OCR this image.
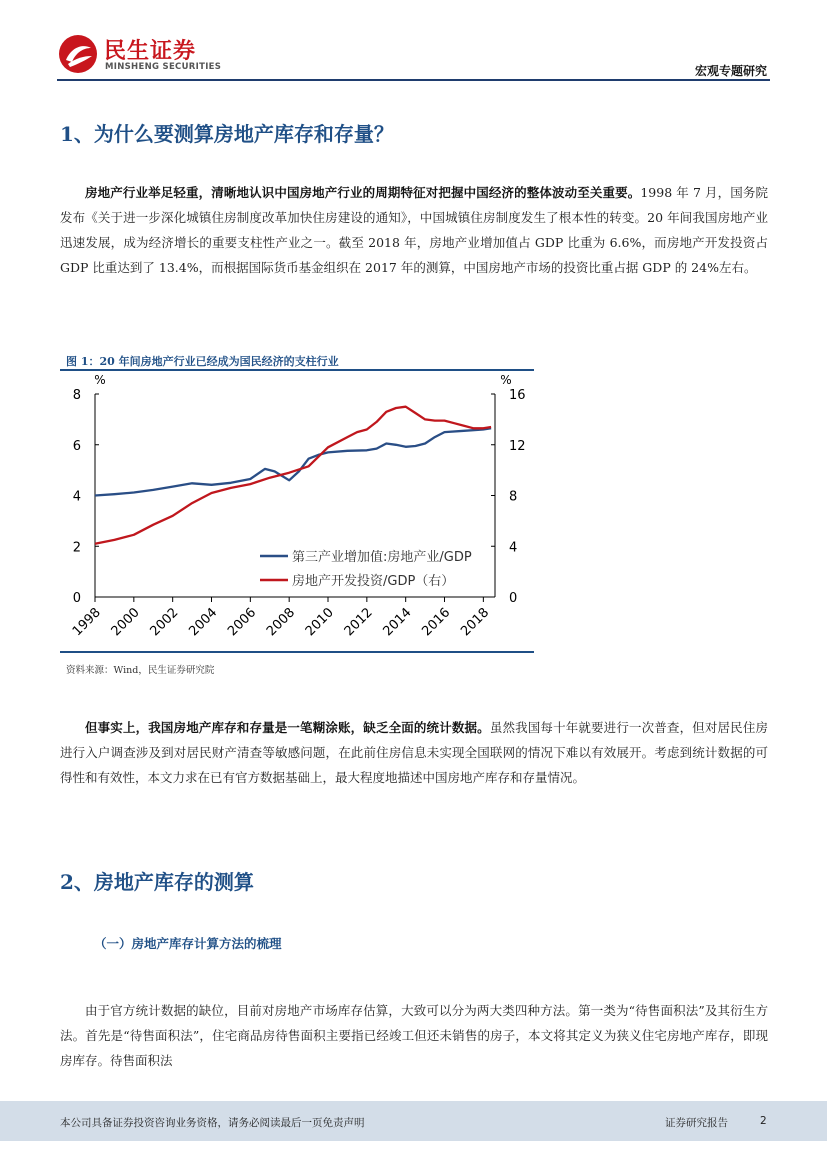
民生证券
MINSHENG SECURITIES	宏观专题研究
1、为什么要测算房地产库存和存量？
房地产行业举足轻重，清晰地认识中国房地产行业的周期特征对把握中国经济的整体波动至关重要。1998 年 7 月，国务院发布《关于进一步深化城镇住房制度改革加快住房建设的通知》，中国城镇住房制度发生了根本性的转变。20 年间我国房地产业迅速发展，成为经济增长的重要支柱性产业之一。截至 2018 年，房地产业增加值占 GDP 比重为 6.6%，而房地产开发投资占 GDP 比重达到了 13.4%，而根据国际货币基金组织在 2017 年的测算，中国房地产市场的投资比重占据 GDP 的 24%左右。
图 1：20 年间房地产行业已经成为国民经济的支柱行业
0
2
4
6
8
0
4
8
12
16
%	%
1998 2000 2002 2004 2006 2008 2010 2012 2014 2016 2018
第三产业增加值:房地产业/GDP
房地产开发投资/GDP（右）
资料来源：Wind，民生证券研究院
但事实上，我国房地产库存和存量是一笔糊涂账，缺乏全面的统计数据。虽然我国每十年就要进行一次普查，但对居民住房进行入户调查涉及到对居民财产清查等敏感问题，在此前住房信息未实现全国联网的情况下难以有效展开。考虑到统计数据的可得性和有效性，本文力求在已有官方数据基础上，最大程度地描述中国房地产库存和存量情况。
2、房地产库存的测算
（一）房地产库存计算方法的梳理
由于官方统计数据的缺位，目前对房地产市场库存估算，大致可以分为两大类四种方法。第一类为“待售面积法”及其衍生方法。首先是“待售面积法”，住宅商品房待售面积主要指已经竣工但还未销售的房子，本文将其定义为狭义住宅房地产库存，即现房库存。待售面积法
本公司具备证券投资咨询业务资格，请务必阅读最后一页免责声明	证券研究报告	2
